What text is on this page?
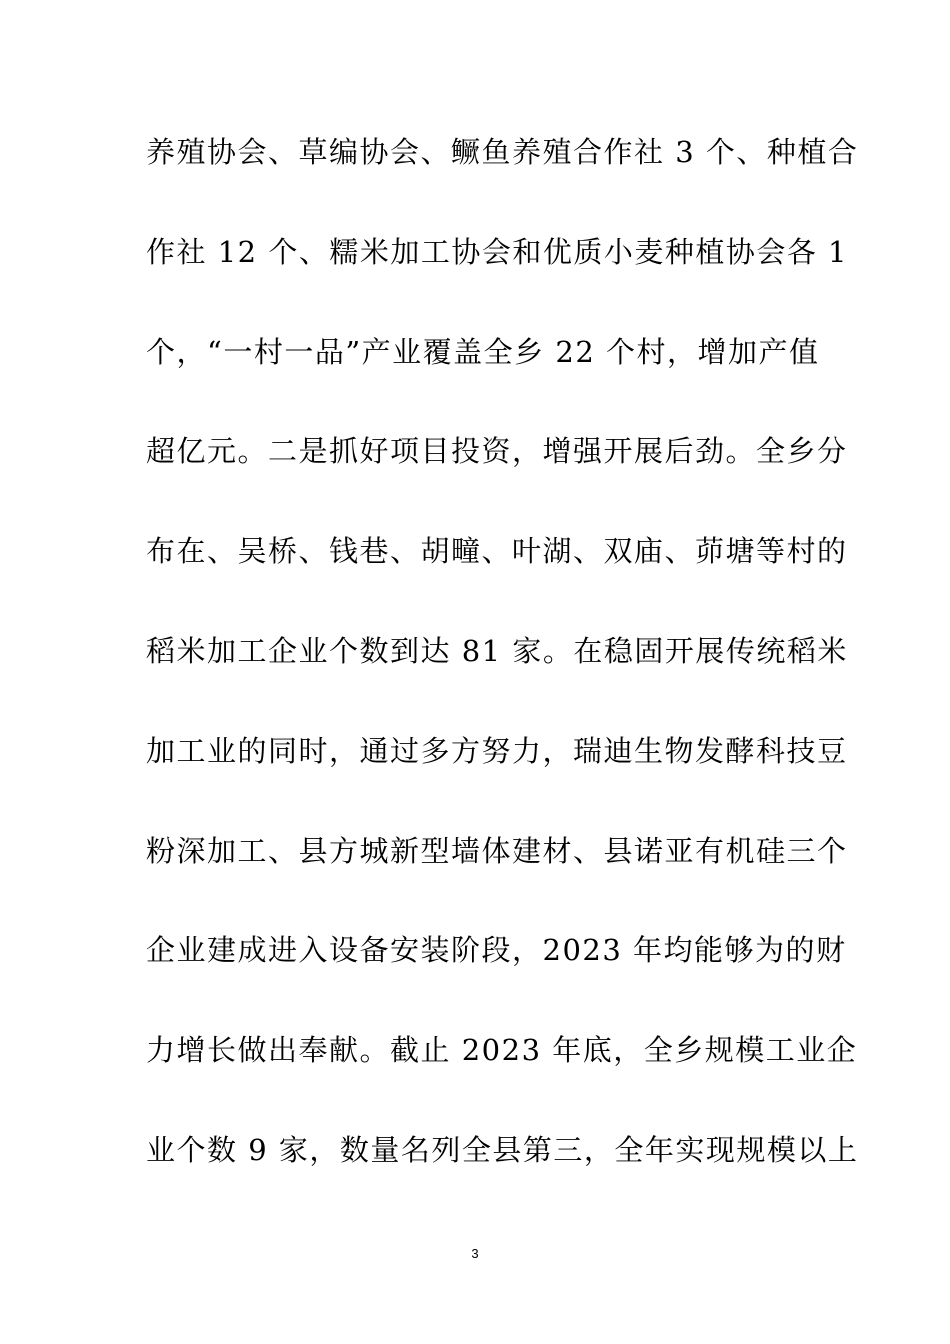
养殖协会、草编协会、鳜鱼养殖合作社 3 个、种植合
作社 12 个、糯米加工协会和优质小麦种植协会各 1
个，“一村一品”产业覆盖全乡 22 个村，增加产值
超亿元。二是抓好项目投资，增强开展后劲。全乡分
布在、吴桥、钱巷、胡疃、叶湖、双庙、茆塘等村的
稻米加工企业个数到达 81 家。在稳固开展传统稻米
加工业的同时，通过多方努力，瑞迪生物发酵科技豆
粉深加工、县方城新型墙体建材、县诺亚有机硅三个
企业建成进入设备安装阶段，2023 年均能够为的财
力增长做出奉献。截止 2023 年底，全乡规模工业企
业个数 9 家，数量名列全县第三，全年实现规模以上
3
